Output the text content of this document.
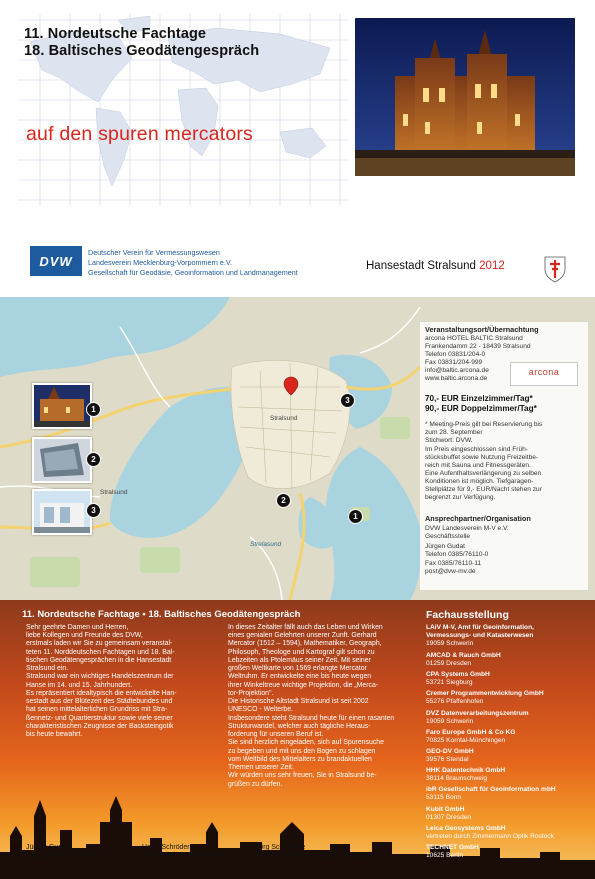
11. Nordeutsche Fachtage
18. Baltisches Geodätengespräch
auf den spuren mercators
DVW
Deutscher Verein für Vermessungswesen
Landesverein Mecklenburg-Vorpommern e.V.
Gesellschaft für Geodäsie, Geoinformation und Landmanagement
Hansestadt Stralsund 2012
Stralsund
Stralsund
Strelasund
2
3
1
1
2
3
Veranstaltungsort/Übernachtung
arcona HOTEL BALTIC Stralsund
Frankendamm 22 · 18439 Stralsund
Telefon 03831/204-0
Fax 03831/204-999
info@baltic.arcona.de
www.baltic.arcona.de
arcona
70,- EUR Einzelzimmer/Tag*
90,- EUR Doppelzimmer/Tag*
* Meeting-Preis gilt bei Reservierung bis
zum 28. September
Stichwort: DVW.
Im Preis eingeschlossen sind Früh-
stücksbuffet sowie Nutzung Freizeitbe-
reich mit Sauna und Fitnessgeräten.
Eine Aufenthaltsverlängerung zu selben
Konditionen ist möglich. Tiefgaragen-
Stellplätze für 9,- EUR/Nacht stehen zur
begrenzt zur Verfügung.
Ansprechpartner/Organisation
DVW Landesverein M-V e.V.
Geschäftsstelle
Jürgen Gudat
Telefon 0385/76110-0
Fax 0385/76110-11
post@dvw-mv.de
11. Nordeutsche Fachtage • 18. Baltisches Geodätengespräch
Sehr geehrte Damen und Herren,
liebe Kollegen und Freunde des DVW,
erstmals laden wir Sie zu gemeinsam veranstal-
teten 11. Norddeutschen Fachtagen und 18. Bal-
tischen Geodätengesprächen in die Hansestadt
Stralsund ein.
Stralsund war ein wichtiges Handelszentrum der
Hanse im 14. und 15. Jahrhundert.
Es repräsentiert idealtypisch die entwickelte Han-
sestadt aus der Blütezeit des Städtebundes und
hat seinen mittelalterlichen Grundriss mit Stra-
ßennetz- und Quartierstruktur sowie viele seiner
charakteristischen Zeugnisse der Backsteingotik
bis heute bewahrt.
In dieses Zeitalter fällt auch das Leben und Wirken
eines genialen Gelehrten unserer Zunft. Gerhard
Mercator (1512 – 1594), Mathematiker, Geograph,
Philosoph, Theologe und Kartograf gilt schon zu
Lebzeiten als Ptolemäus seiner Zeit. Mit seiner
großen Weltkarte von 1569 erlangte Mercator
Weltruhm. Er entwickelte eine bis heute wegen
ihrer Winkeltreue wichtige Projektion, die „Merca-
tor-Projektion".
Die Historische Altstadt Stralsund ist seit 2002
UNESCO - Welterbe.
Insbesondere steht Stralsund heute für einen rasanten
Strukturwandel, welcher auch tägliche Heraus-
forderung für unseren Beruf ist.
Sie sind herzlich eingeladen, sich auf Spurensuche
zu begeben und mit uns den Bogen zu schlagen
vom Weltbild des Mittelalters zu brandaktuellen
Themen unserer Zeit.
Wir würden uns sehr freuen, Sie in Stralsund be-
grüßen zu dürfen.
Fachausstellung
LAiV M-V, Amt für Geoinformation,
Vermessungs- und Katasterwesen
19059 Schwerin
AMCAD & Rauch GmbH
01259 Dresden
CPA Systems GmbH
53721 Siegburg
Cremer Programmentwicklung GmbH
55276 Pfaffenhofen
DVZ Datenverarbeitungszentrum
19059 Schwerin
Faro Europe GmbH & Co KG
70825 Korntal-Münchingen
GEO-DV GmbH
39576 Stendal
HHK Datentechnik GmbH
38114 Braunschweig
ibR Gesellschaft für Geoinformation mbH
53115 Bonn
Kubit GmbH
01307 Dresden
Leica Geosystems GmbH
vertreten durch Zimmermann Optik Rostock
TECHNET GmbH
10625 Berlin
Jürgen Gudat
Vorsitzender DVW LV M-V
Heiko Schröder
Vorsitzender DVW BG VP
Jörg Schefffelke
Kurator Baltisches Geodätengespräch
